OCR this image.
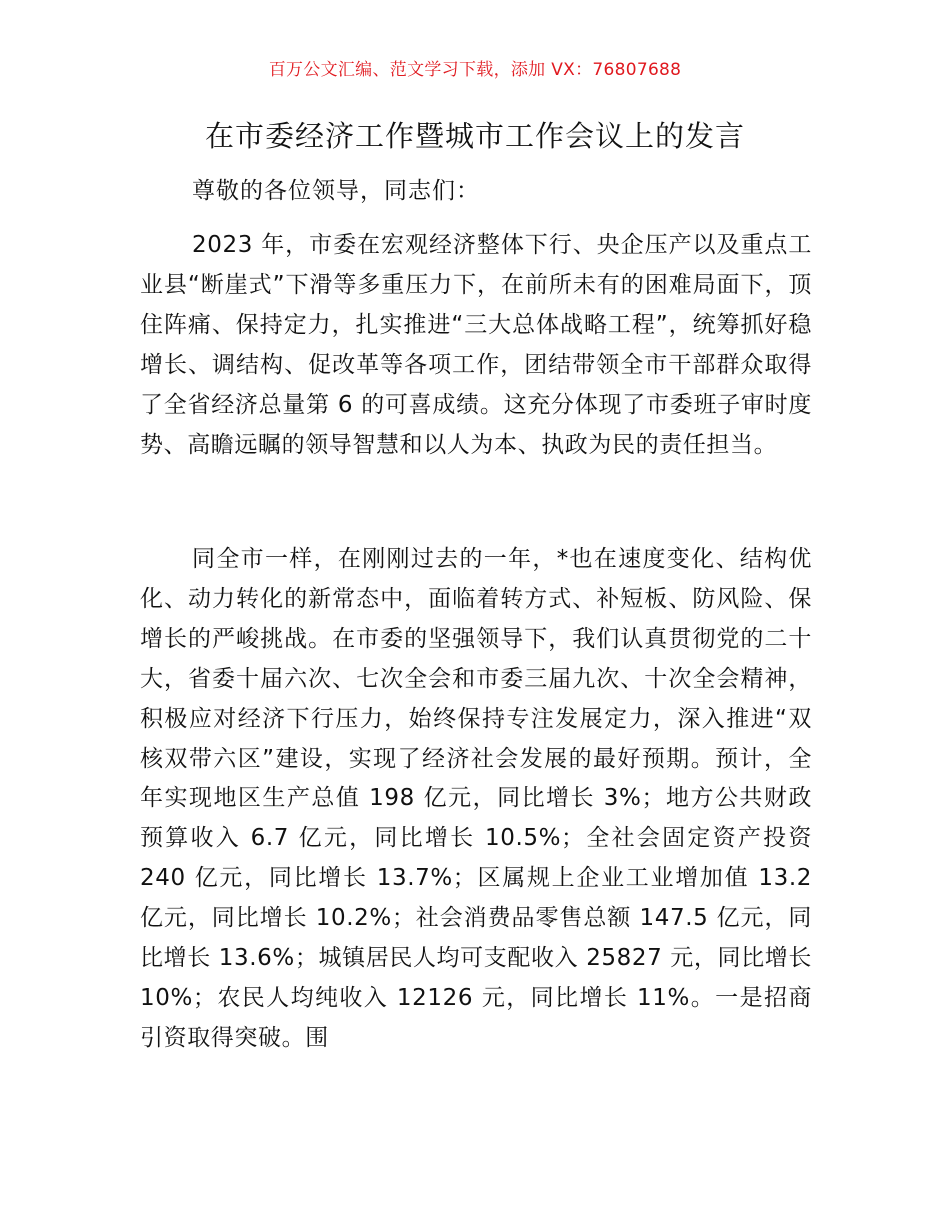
百万公文汇编、范文学习下载，添加 VX：76807688
在市委经济工作暨城市工作会议上的发言
尊敬的各位领导，同志们：

2023 年，市委在宏观经济整体下行、央企压产以及重点工业县“断崖式”下滑等多重压力下，在前所未有的困难局面下，顶住阵痛、保持定力，扎实推进“三大总体战略工程”，统筹抓好稳增长、调结构、促改革等各项工作，团结带领全市干部群众取得了全省经济总量第 6 的可喜成绩。这充分体现了市委班子审时度势、高瞻远瞩的领导智慧和以人为本、执政为民的责任担当。

同全市一样，在刚刚过去的一年，*也在速度变化、结构优化、动力转化的新常态中，面临着转方式、补短板、防风险、保增长的严峻挑战。在市委的坚强领导下，我们认真贯彻党的二十大，省委十届六次、七次全会和市委三届九次、十次全会精神，积极应对经济下行压力，始终保持专注发展定力，深入推进“双核双带六区”建设，实现了经济社会发展的最好预期。预计，全年实现地区生产总值 198 亿元，同比增长 3%；地方公共财政预算收入 6.7 亿元，同比增长 10.5%；全社会固定资产投资 240 亿元，同比增长 13.7%；区属规上企业工业增加值 13.2 亿元，同比增长 10.2%；社会消费品零售总额 147.5 亿元，同比增长 13.6%；城镇居民人均可支配收入 25827 元，同比增长 10%；农民人均纯收入 12126 元，同比增长 11%。一是招商引资取得突破。围
